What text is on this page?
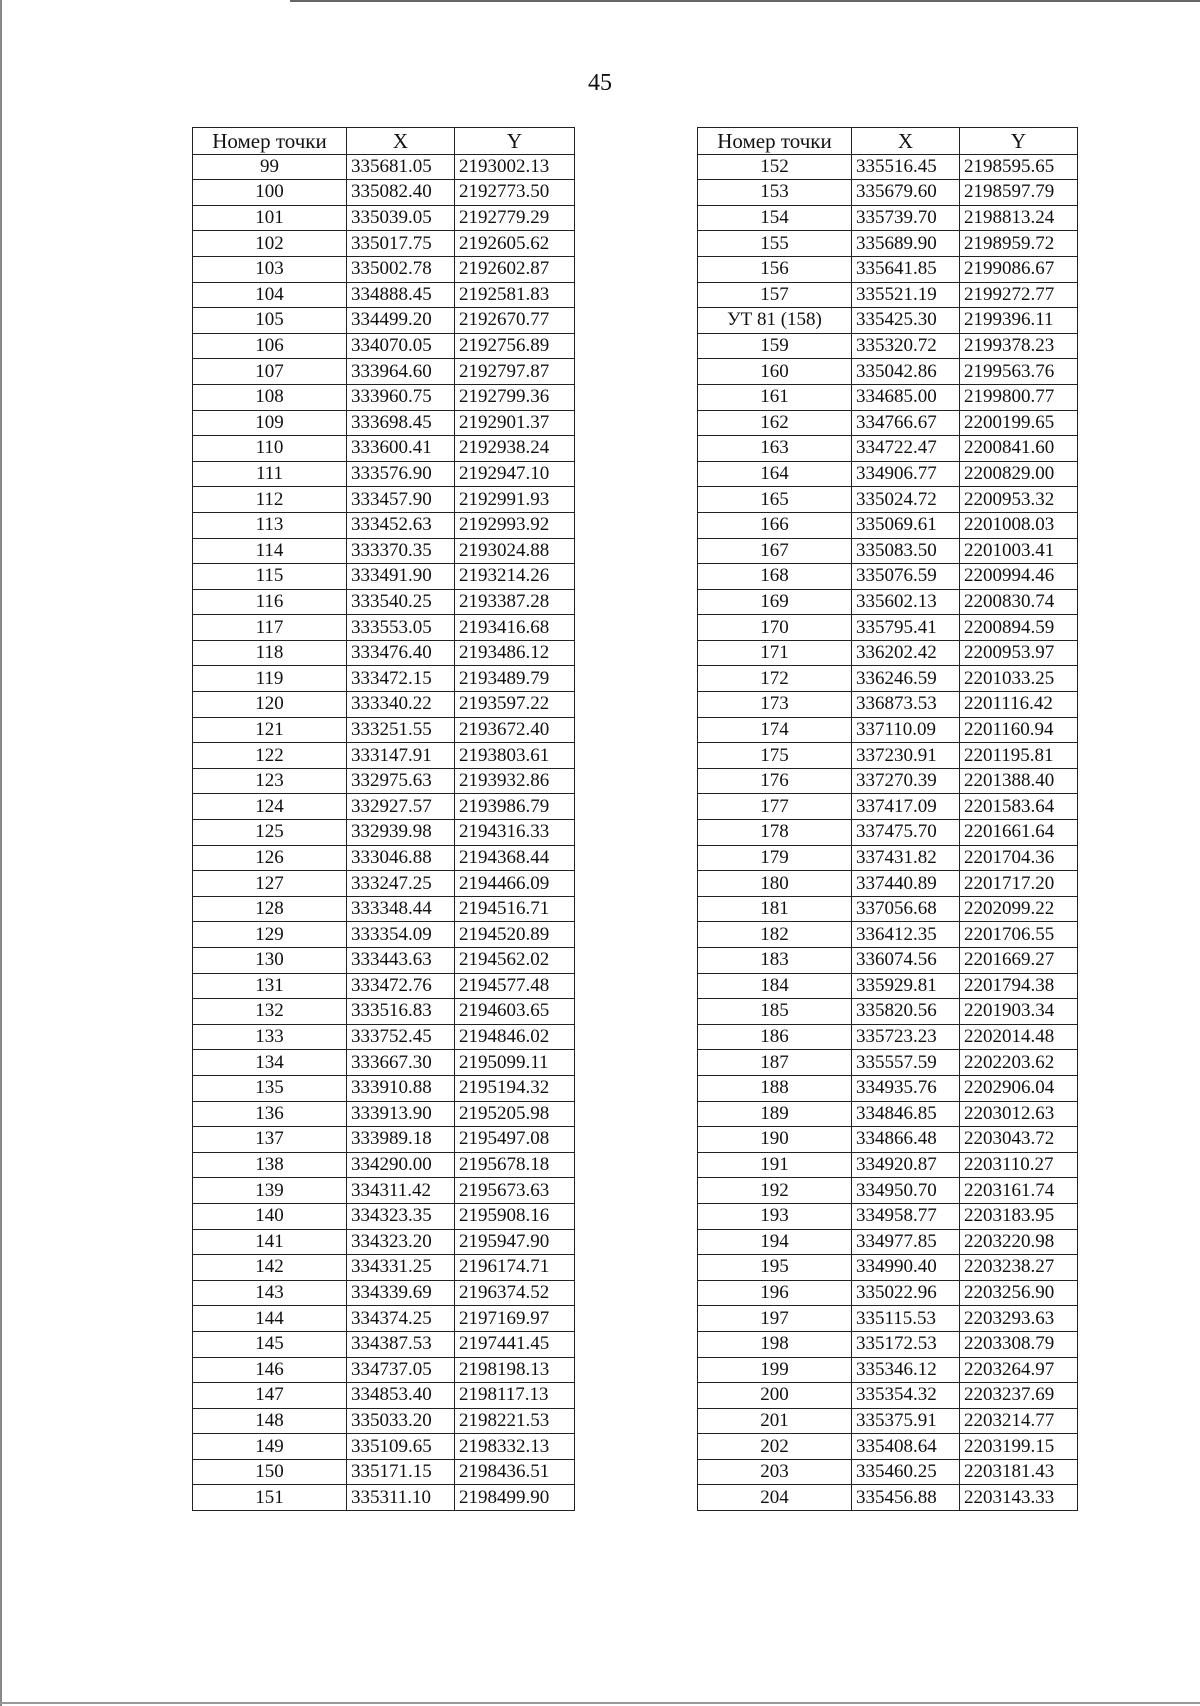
45
Номер точки	X	Y
99	335681.05	2193002.13
100	335082.40	2192773.50
101	335039.05	2192779.29
102	335017.75	2192605.62
103	335002.78	2192602.87
104	334888.45	2192581.83
105	334499.20	2192670.77
106	334070.05	2192756.89
107	333964.60	2192797.87
108	333960.75	2192799.36
109	333698.45	2192901.37
110	333600.41	2192938.24
111	333576.90	2192947.10
112	333457.90	2192991.93
113	333452.63	2192993.92
114	333370.35	2193024.88
115	333491.90	2193214.26
116	333540.25	2193387.28
117	333553.05	2193416.68
118	333476.40	2193486.12
119	333472.15	2193489.79
120	333340.22	2193597.22
121	333251.55	2193672.40
122	333147.91	2193803.61
123	332975.63	2193932.86
124	332927.57	2193986.79
125	332939.98	2194316.33
126	333046.88	2194368.44
127	333247.25	2194466.09
128	333348.44	2194516.71
129	333354.09	2194520.89
130	333443.63	2194562.02
131	333472.76	2194577.48
132	333516.83	2194603.65
133	333752.45	2194846.02
134	333667.30	2195099.11
135	333910.88	2195194.32
136	333913.90	2195205.98
137	333989.18	2195497.08
138	334290.00	2195678.18
139	334311.42	2195673.63
140	334323.35	2195908.16
141	334323.20	2195947.90
142	334331.25	2196174.71
143	334339.69	2196374.52
144	334374.25	2197169.97
145	334387.53	2197441.45
146	334737.05	2198198.13
147	334853.40	2198117.13
148	335033.20	2198221.53
149	335109.65	2198332.13
150	335171.15	2198436.51
151	335311.10	2198499.90
Номер точки	X	Y
152	335516.45	2198595.65
153	335679.60	2198597.79
154	335739.70	2198813.24
155	335689.90	2198959.72
156	335641.85	2199086.67
157	335521.19	2199272.77
УТ 81 (158)	335425.30	2199396.11
159	335320.72	2199378.23
160	335042.86	2199563.76
161	334685.00	2199800.77
162	334766.67	2200199.65
163	334722.47	2200841.60
164	334906.77	2200829.00
165	335024.72	2200953.32
166	335069.61	2201008.03
167	335083.50	2201003.41
168	335076.59	2200994.46
169	335602.13	2200830.74
170	335795.41	2200894.59
171	336202.42	2200953.97
172	336246.59	2201033.25
173	336873.53	2201116.42
174	337110.09	2201160.94
175	337230.91	2201195.81
176	337270.39	2201388.40
177	337417.09	2201583.64
178	337475.70	2201661.64
179	337431.82	2201704.36
180	337440.89	2201717.20
181	337056.68	2202099.22
182	336412.35	2201706.55
183	336074.56	2201669.27
184	335929.81	2201794.38
185	335820.56	2201903.34
186	335723.23	2202014.48
187	335557.59	2202203.62
188	334935.76	2202906.04
189	334846.85	2203012.63
190	334866.48	2203043.72
191	334920.87	2203110.27
192	334950.70	2203161.74
193	334958.77	2203183.95
194	334977.85	2203220.98
195	334990.40	2203238.27
196	335022.96	2203256.90
197	335115.53	2203293.63
198	335172.53	2203308.79
199	335346.12	2203264.97
200	335354.32	2203237.69
201	335375.91	2203214.77
202	335408.64	2203199.15
203	335460.25	2203181.43
204	335456.88	2203143.33
